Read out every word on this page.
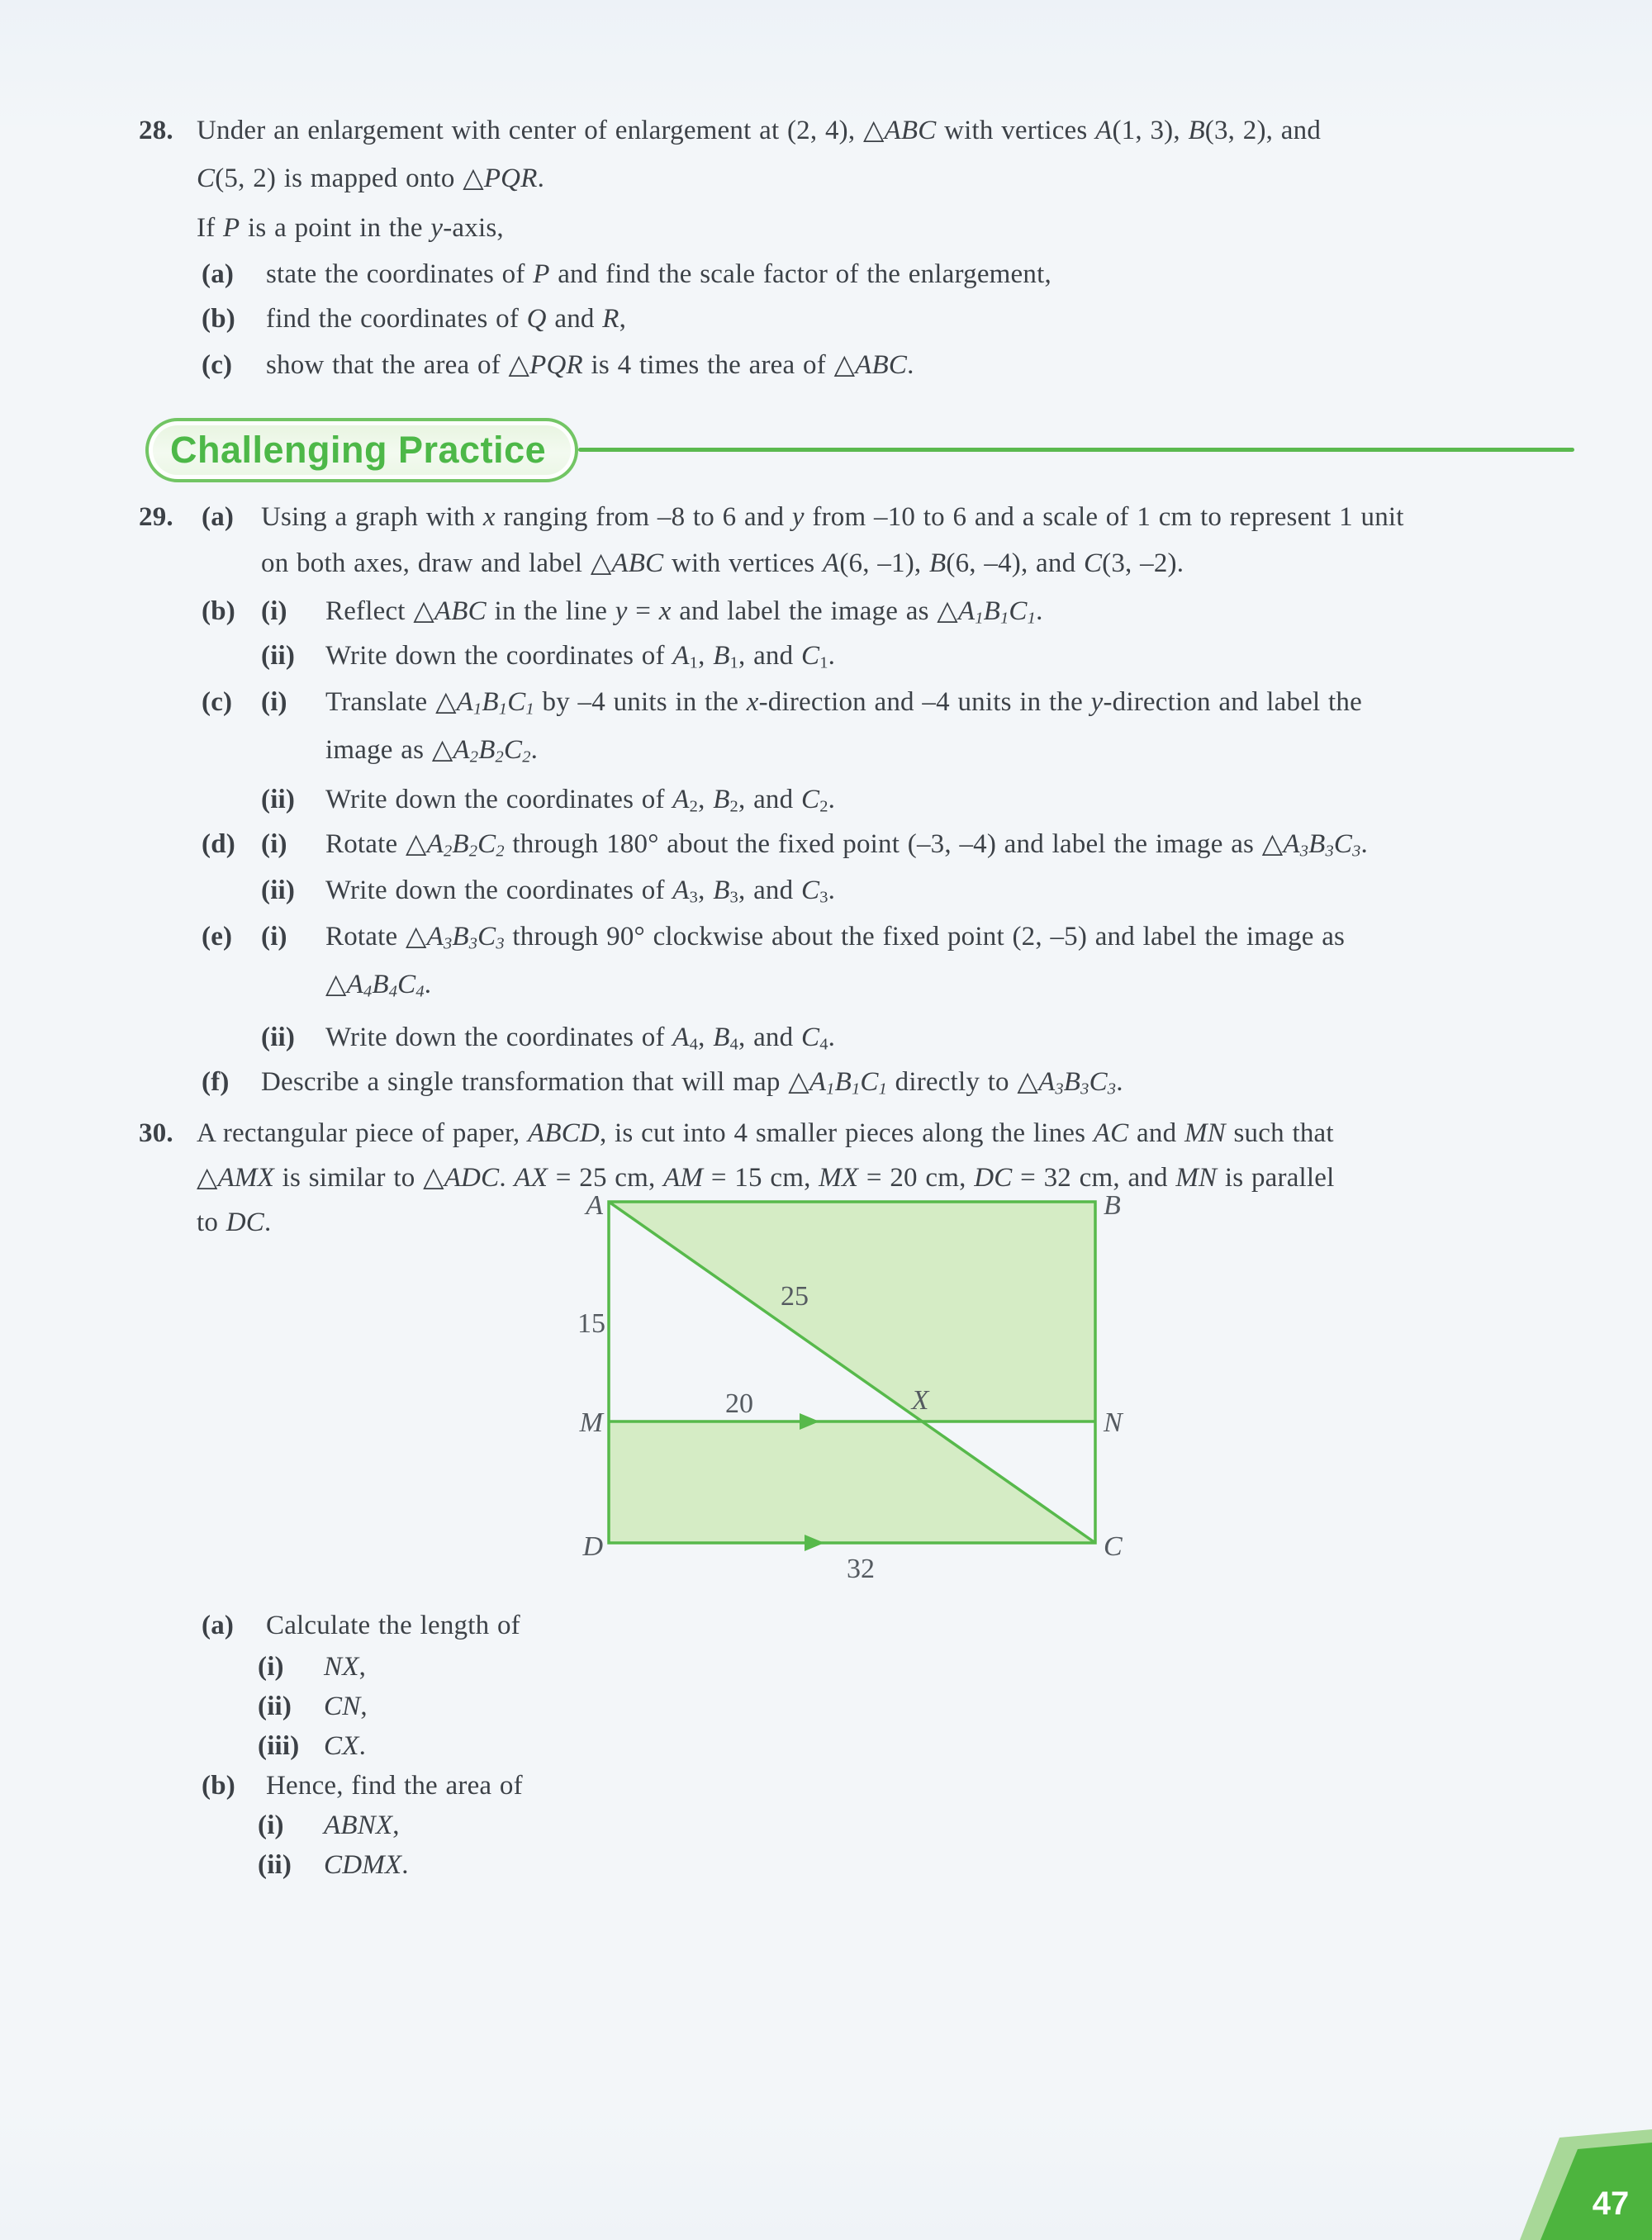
28. Under an enlargement with center of enlargement at (2, 4), △ABC with vertices A(1, 3), B(3, 2), and
C(5, 2) is mapped onto △PQR.
If P is a point in the y-axis,
(a) state the coordinates of P and find the scale factor of the enlargement,
(b) find the coordinates of Q and R,
(c) show that the area of △PQR is 4 times the area of △ABC.
Challenging Practice
29. (a) Using a graph with x ranging from –8 to 6 and y from –10 to 6 and a scale of 1 cm to represent 1 unit
on both axes, draw and label △ABC with vertices A(6, –1), B(6, –4), and C(3, –2).
(b) (i) Reflect △ABC in the line y = x and label the image as $\triangle A_1B_1C_1$.
(ii) Write down the coordinates of $A_1$, $B_1$, and $C_1$.
(c) (i) Translate $\triangle A_1B_1C_1$ by –4 units in the x-direction and –4 units in the y-direction and label the
image as $\triangle A_2B_2C_2$.
(ii) Write down the coordinates of $A_2$, $B_2$, and $C_2$.
(d) (i) Rotate $\triangle A_2B_2C_2$ through 180° about the fixed point (–3, –4) and label the image as $\triangle A_3B_3C_3$.
(ii) Write down the coordinates of $A_3$, $B_3$, and $C_3$.
(e) (i) Rotate $\triangle A_3B_3C_3$ through 90° clockwise about the fixed point (2, –5) and label the image as
$\triangle A_4B_4C_4$.
(ii) Write down the coordinates of $A_4$, $B_4$, and $C_4$.
(f) Describe a single transformation that will map $\triangle A_1B_1C_1$ directly to $\triangle A_3B_3C_3$.
30. A rectangular piece of paper, ABCD, is cut into 4 smaller pieces along the lines AC and MN such that
△AMX is similar to △ADC. AX = 25 cm, AM = 15 cm, MX = 20 cm, DC = 32 cm, and MN is parallel
to DC.
A	B
C
D
M	N
X
15
25
20
32
(a) Calculate the length of
(i) NX,
(ii) CN,
(iii) CX.
(b) Hence, find the area of
(i) ABNX,
(ii) CDMX.
47
